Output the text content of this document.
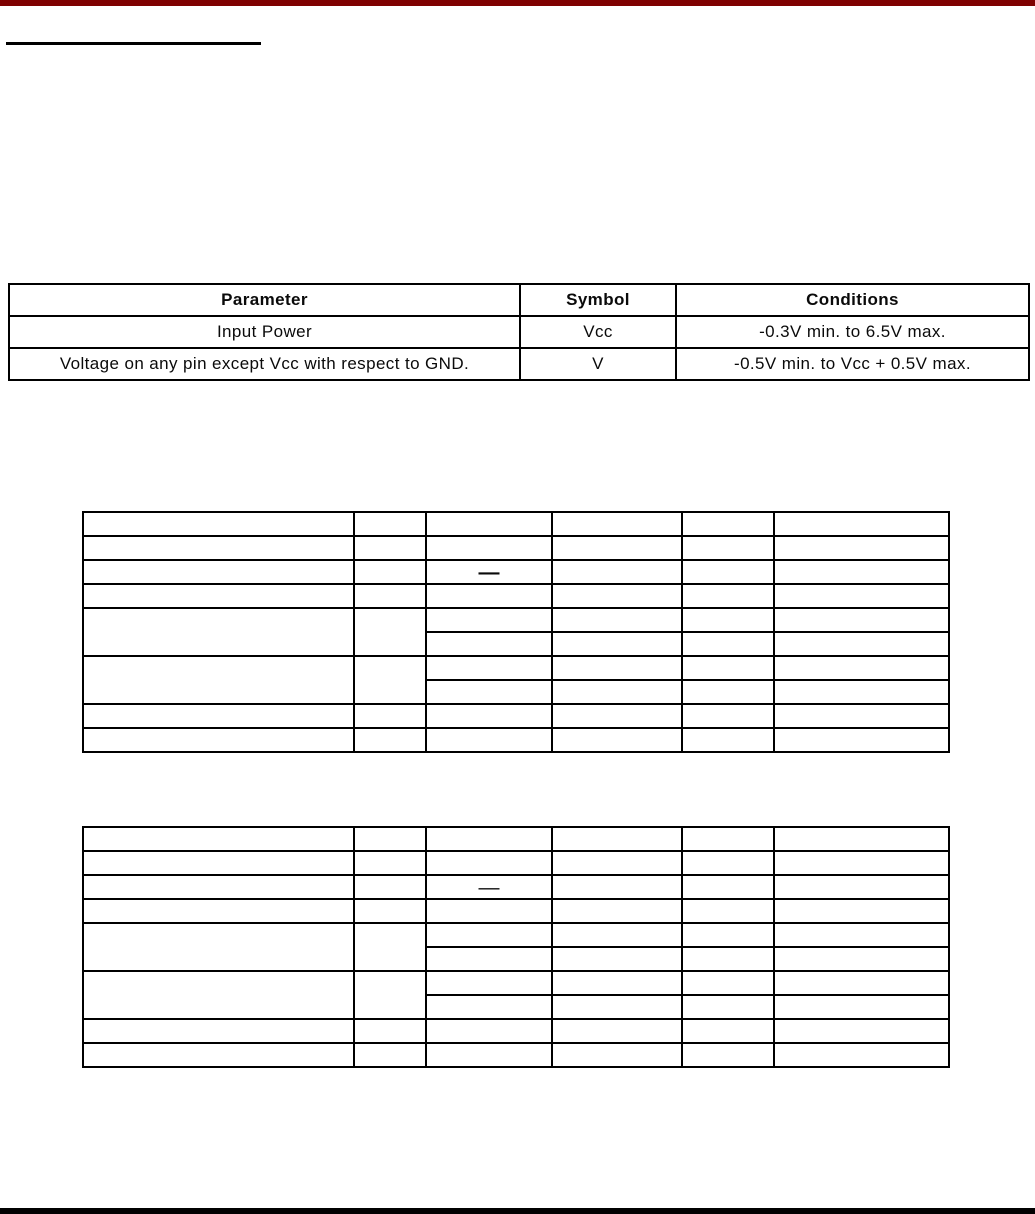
Parameter	Symbol	Conditions
Input Power	Vcc	-0.3V min. to 6.5V max.
Voltage on any pin except Vcc with respect to GND.	V	-0.5V min. to Vcc + 0.5V max.

		—			

		—			
